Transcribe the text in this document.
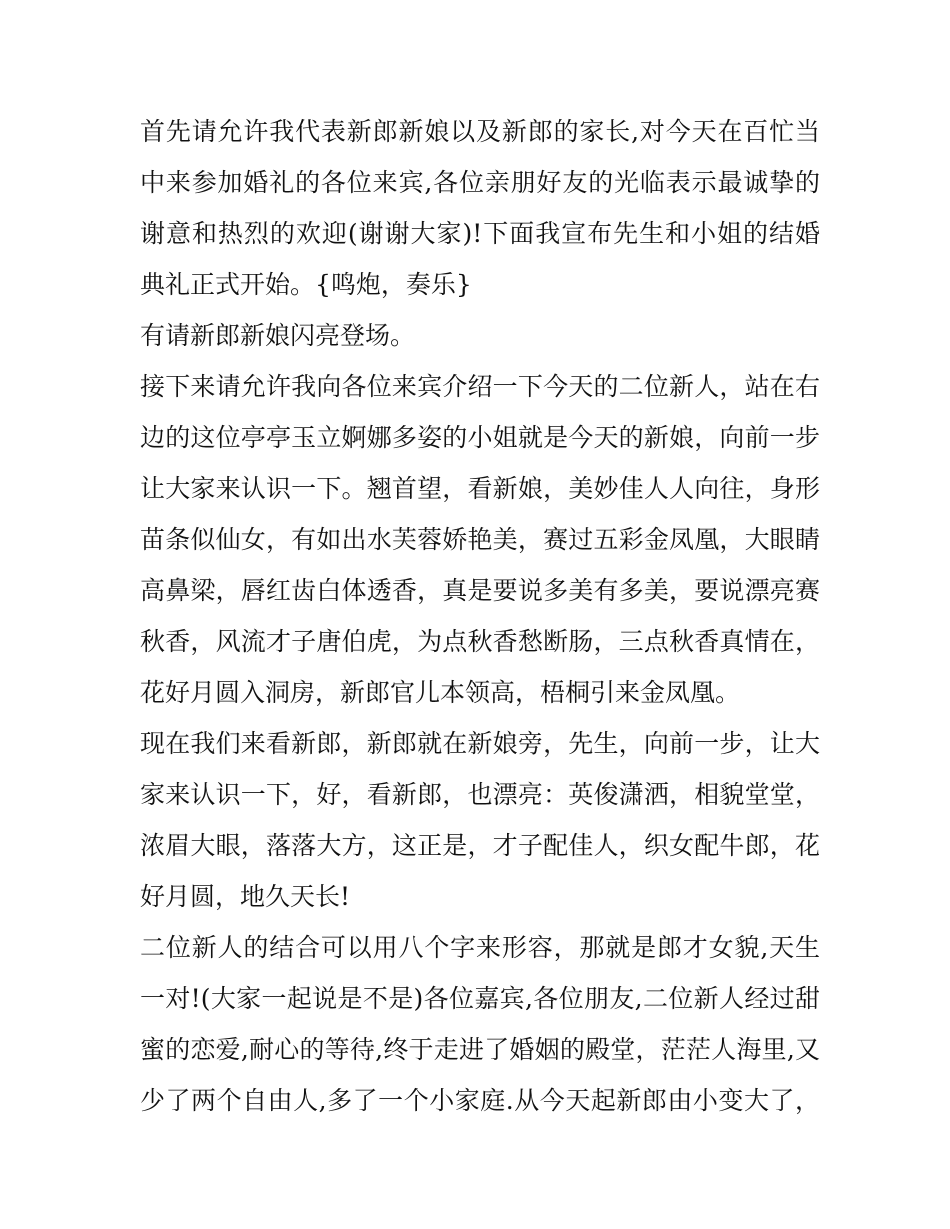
首先请允许我代表新郎新娘以及新郎的家长,对今天在百忙当
中来参加婚礼的各位来宾,各位亲朋好友的光临表示最诚挚的
谢意和热烈的欢迎(谢谢大家)!下面我宣布先生和小姐的结婚
典礼正式开始。{鸣炮，奏乐}
有请新郎新娘闪亮登场。
接下来请允许我向各位来宾介绍一下今天的二位新人，站在右
边的这位亭亭玉立婀娜多姿的小姐就是今天的新娘，向前一步
让大家来认识一下。翘首望，看新娘，美妙佳人人向往，身形
苗条似仙女，有如出水芙蓉娇艳美，赛过五彩金凤凰，大眼睛
高鼻梁，唇红齿白体透香，真是要说多美有多美，要说漂亮赛
秋香，风流才子唐伯虎，为点秋香愁断肠，三点秋香真情在，
花好月圆入洞房，新郎官儿本领高，梧桐引来金凤凰。
现在我们来看新郎，新郎就在新娘旁，先生，向前一步，让大
家来认识一下，好，看新郎，也漂亮：英俊潇洒，相貌堂堂，
浓眉大眼，落落大方，这正是，才子配佳人，织女配牛郎，花
好月圆，地久天长!
二位新人的结合可以用八个字来形容，那就是郎才女貌,天生
一对!(大家一起说是不是)各位嘉宾,各位朋友,二位新人经过甜
蜜的恋爱,耐心的等待,终于走进了婚姻的殿堂，茫茫人海里,又
少了两个自由人,多了一个小家庭.从今天起新郎由小变大了，
